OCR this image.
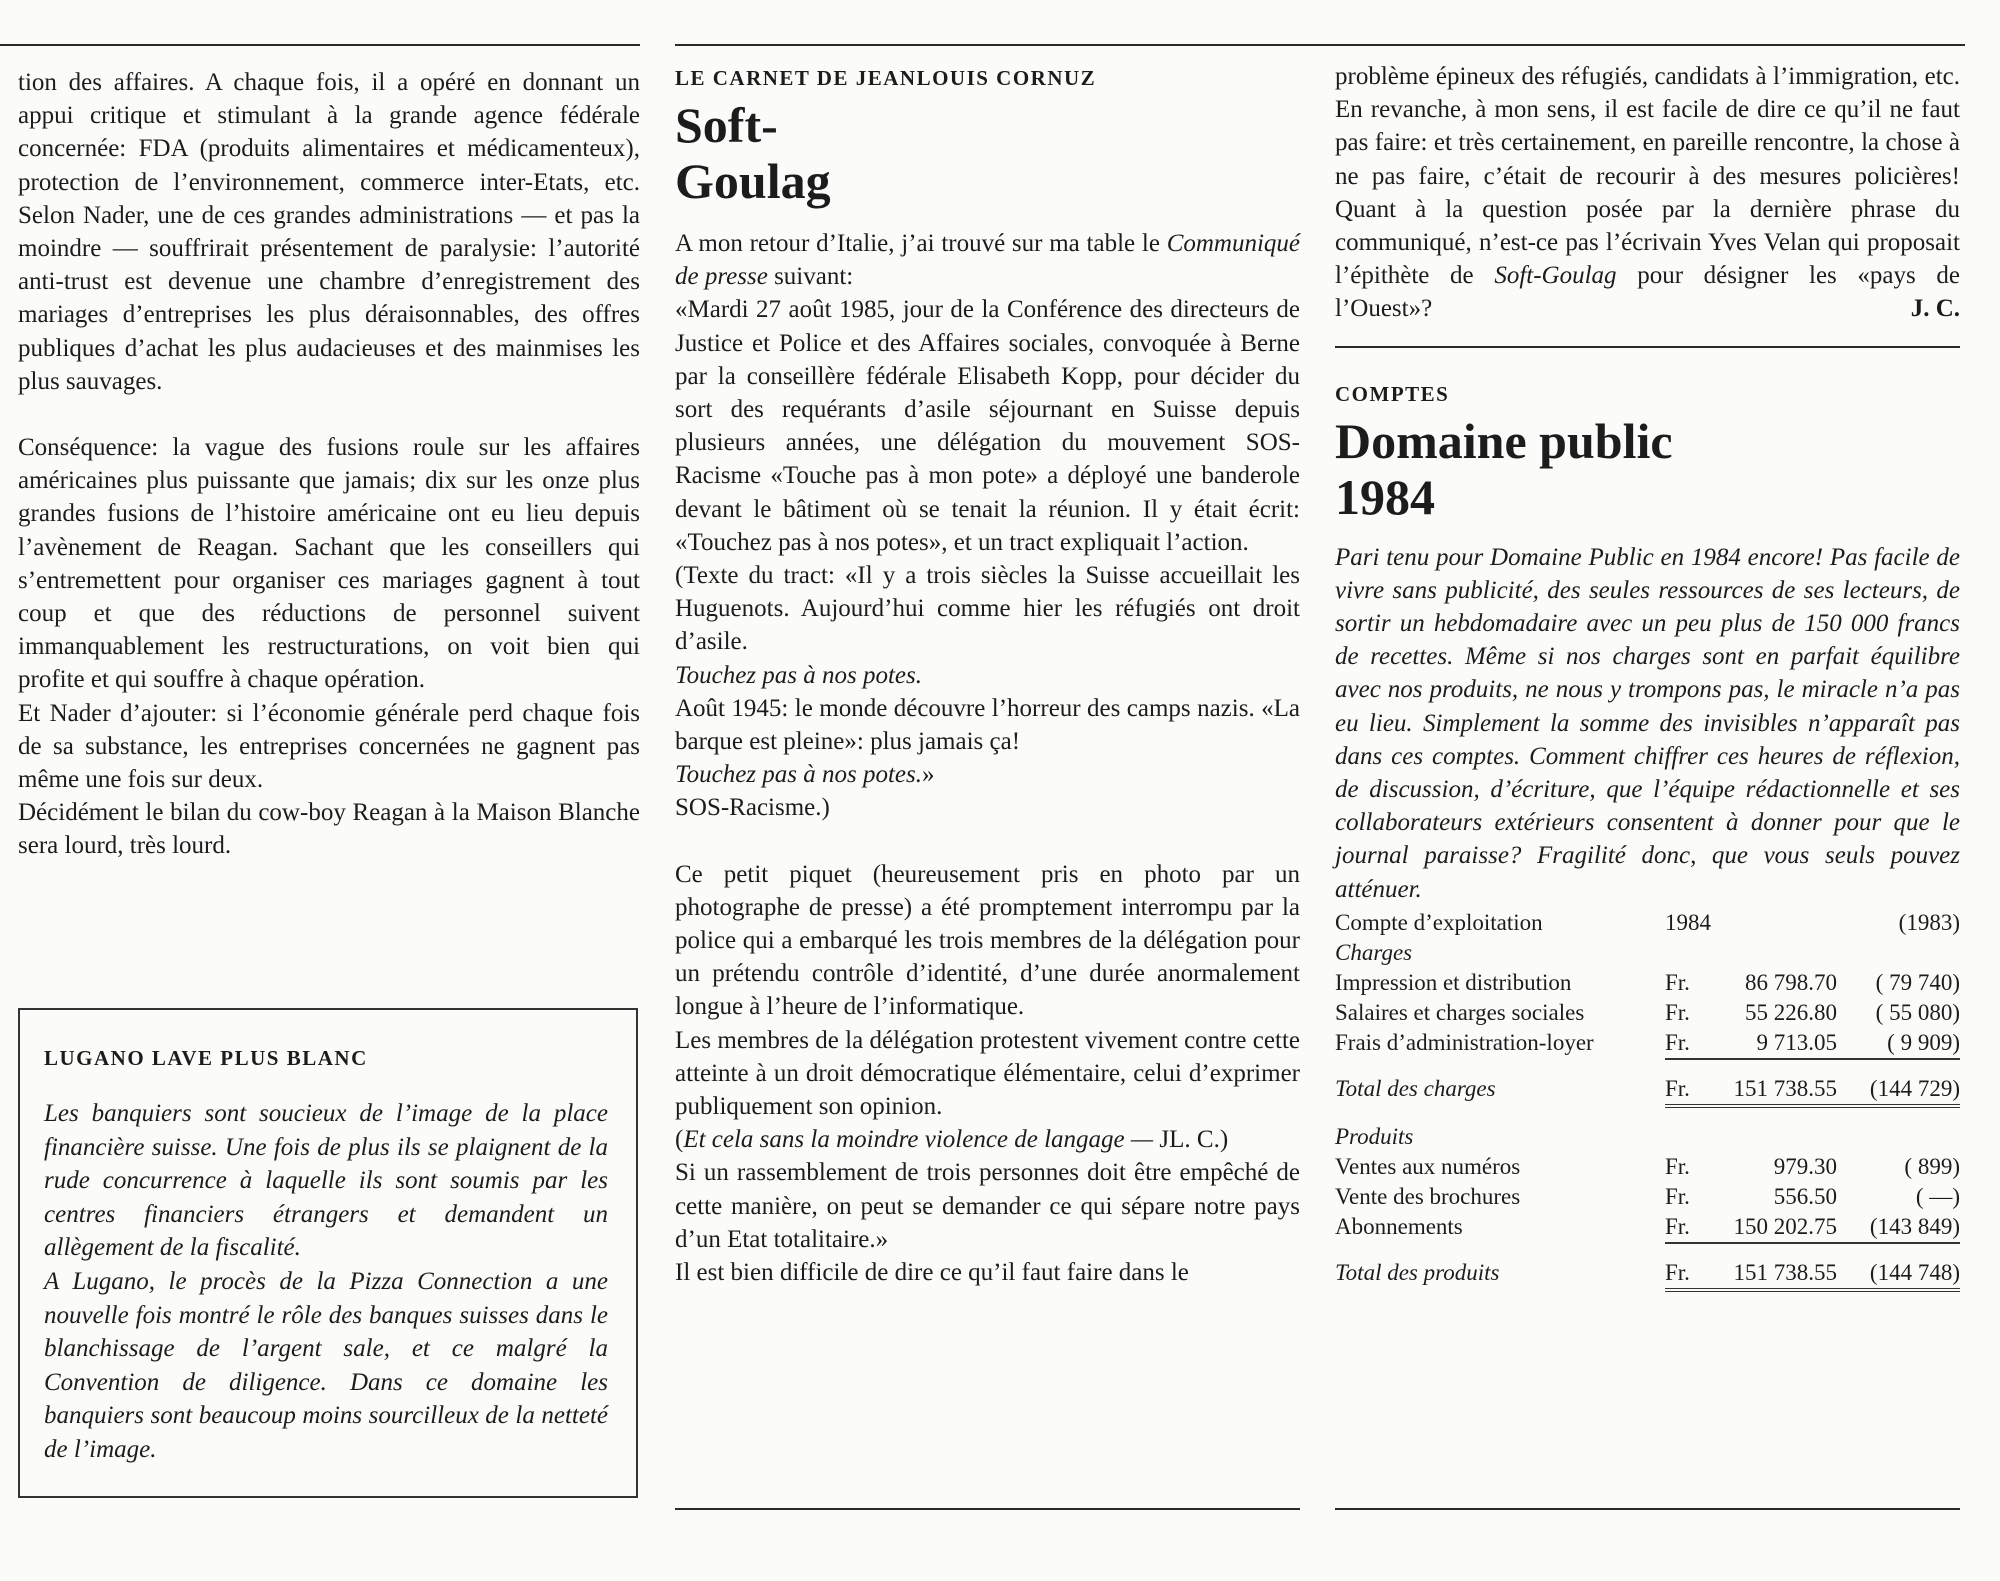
tion des affaires. A chaque fois, il a opéré en donnant un appui critique et stimulant à la grande agence fédérale concernée: FDA (produits alimentaires et médicamenteux), protection de l’environnement, commerce inter-Etats, etc. Selon Nader, une de ces grandes administrations — et pas la moindre — souffrirait présentement de paralysie: l’autorité anti-trust est devenue une chambre d’enregistrement des mariages d’entreprises les plus déraisonnables, des offres publiques d’achat les plus audacieuses et des mainmises les plus sauvages.

Conséquence: la vague des fusions roule sur les affaires américaines plus puissante que jamais; dix sur les onze plus grandes fusions de l’histoire américaine ont eu lieu depuis l’avènement de Reagan. Sachant que les conseillers qui s’entremettent pour organiser ces mariages gagnent à tout coup et que des réductions de personnel suivent immanquablement les restructurations, on voit bien qui profite et qui souffre à chaque opération.

Et Nader d’ajouter: si l’économie générale perd chaque fois de sa substance, les entreprises concernées ne gagnent pas même une fois sur deux.

Décidément le bilan du cow-boy Reagan à la Maison Blanche sera lourd, très lourd.

LUGANO LAVE PLUS BLANC

Les banquiers sont soucieux de l’image de la place financière suisse. Une fois de plus ils se plaignent de la rude concurrence à laquelle ils sont soumis par les centres financiers étrangers et demandent un allègement de la fiscalité.

A Lugano, le procès de la Pizza Connection a une nouvelle fois montré le rôle des banques suisses dans le blanchissage de l’argent sale, et ce malgré la Convention de diligence. Dans ce domaine les banquiers sont beaucoup moins sourcilleux de la netteté de l’image.

LE CARNET DE JEANLOUIS CORNUZ
Soft-
Goulag

A mon retour d’Italie, j’ai trouvé sur ma table le Communiqué de presse suivant:

«Mardi 27 août 1985, jour de la Conférence des directeurs de Justice et Police et des Affaires sociales, convoquée à Berne par la conseillère fédérale Elisabeth Kopp, pour décider du sort des requérants d’asile séjournant en Suisse depuis plusieurs années, une délégation du mouvement SOS-Racisme «Touche pas à mon pote» a déployé une banderole devant le bâtiment où se tenait la réunion. Il y était écrit: «Touchez pas à nos potes», et un tract expliquait l’action.

(Texte du tract: «Il y a trois siècles la Suisse accueillait les Huguenots. Aujourd’hui comme hier les réfugiés ont droit d’asile.

Touchez pas à nos potes.

Août 1945: le monde découvre l’horreur des camps nazis. «La barque est pleine»: plus jamais ça!

Touchez pas à nos potes.»

SOS-Racisme.)

Ce petit piquet (heureusement pris en photo par un photographe de presse) a été promptement interrompu par la police qui a embarqué les trois membres de la délégation pour un prétendu contrôle d’identité, d’une durée anormalement longue à l’heure de l’informatique.

Les membres de la délégation protestent vivement contre cette atteinte à un droit démocratique élémentaire, celui d’exprimer publiquement son opinion.

(Et cela sans la moindre violence de langage — JL. C.)

Si un rassemblement de trois personnes doit être empêché de cette manière, on peut se demander ce qui sépare notre pays d’un Etat totalitaire.»

Il est bien difficile de dire ce qu’il faut faire dans le

problème épineux des réfugiés, candidats à l’immigration, etc. En revanche, à mon sens, il est facile de dire ce qu’il ne faut pas faire: et très certainement, en pareille rencontre, la chose à ne pas faire, c’était de recourir à des mesures policières! Quant à la question posée par la dernière phrase du communiqué, n’est-ce pas l’écrivain Yves Velan qui proposait l’épithète de Soft-Goulag pour désigner les «pays de l’Ouest»?	J. C.

COMPTES
Domaine public
1984

Pari tenu pour Domaine Public en 1984 encore! Pas facile de vivre sans publicité, des seules ressources de ses lecteurs, de sortir un hebdomadaire avec un peu plus de 150 000 francs de recettes. Même si nos charges sont en parfait équilibre avec nos produits, ne nous y trompons pas, le miracle n’a pas eu lieu. Simplement la somme des invisibles n’apparaît pas dans ces comptes. Comment chiffrer ces heures de réflexion, de discussion, d’écriture, que l’équipe rédactionnelle et ses collaborateurs extérieurs consentent à donner pour que le journal paraisse? Fragilité donc, que vous seuls pouvez atténuer.

Compte d’exploitation	1984		(1983)
Charges			
Impression et distribution	Fr.	86 798.70	( 79 740)
Salaires et charges sociales	Fr.	55 226.80	( 55 080)
Frais d’administration-loyer	Fr.	9 713.05	( 9 909)

Total des charges	Fr.	151 738.55	(144 729)

Produits			
Ventes aux numéros	Fr.	979.30	( 899)
Vente des brochures	Fr.	556.50	( —)
Abonnements	Fr.	150 202.75	(143 849)

Total des produits	Fr.	151 738.55	(144 748)
